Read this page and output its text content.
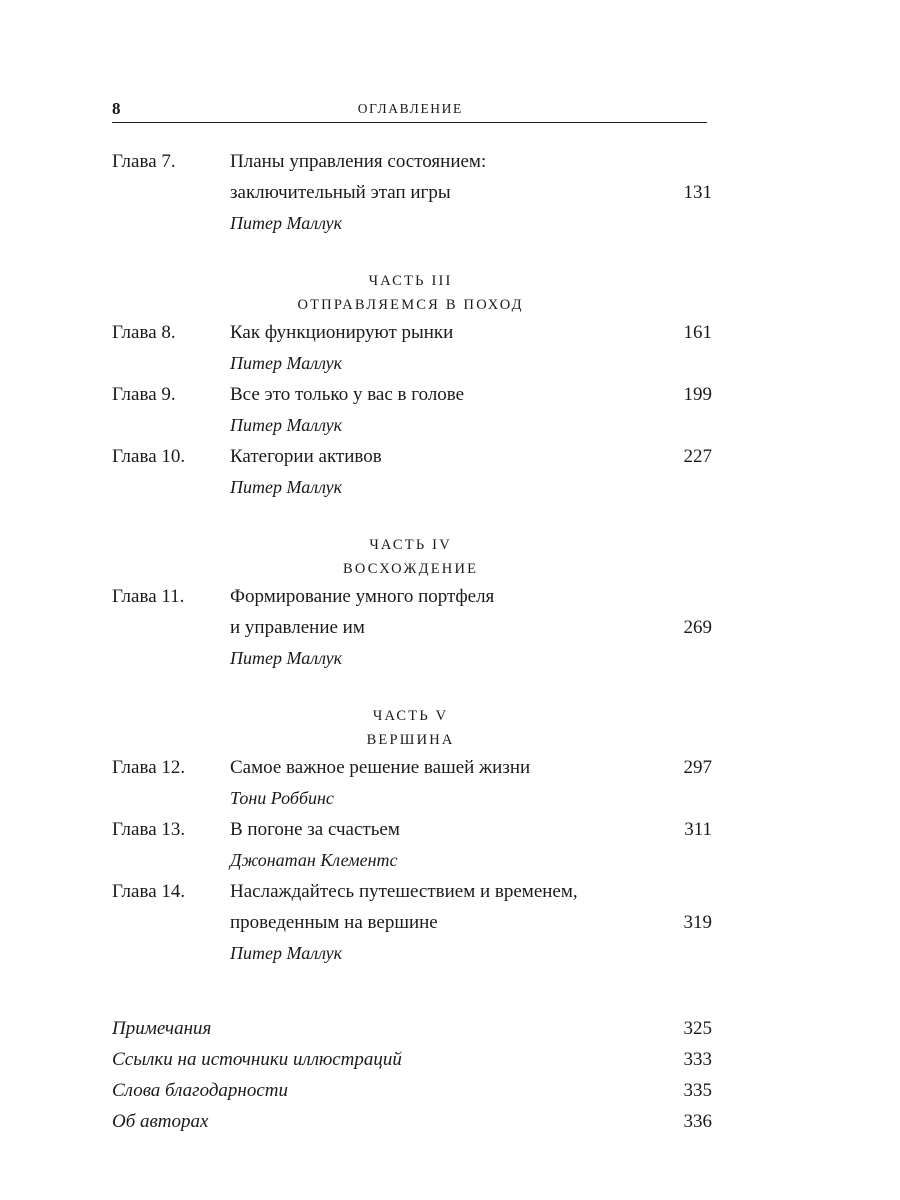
8	ОГЛАВЛЕНИЕ
Глава 7.	Планы управления состоянием:
заключительный этап игры	131
Питер Маллук
ЧАСТЬ III
ОТПРАВЛЯЕМСЯ В ПОХОД
Глава 8.	Как функционируют рынки	161
Питер Маллук
Глава 9.	Все это только у вас в голове	199
Питер Маллук
Глава 10. Категории активов	227
Питер Маллук
ЧАСТЬ IV
ВОСХОЖДЕНИЕ
Глава 11. Формирование умного портфеля
и управление им	269
Питер Маллук
ЧАСТЬ V
ВЕРШИНА
Глава 12. Самое важное решение вашей жизни	297
Тони Роббинс
Глава 13. В погоне за счастьем	311
Джонатан Клементс
Глава 14. Наслаждайтесь путешествием и временем,
проведенным на вершине	319
Питер Маллук
Примечания	325
Ссылки на источники иллюстраций	333
Слова благодарности	335
Об авторах	336
